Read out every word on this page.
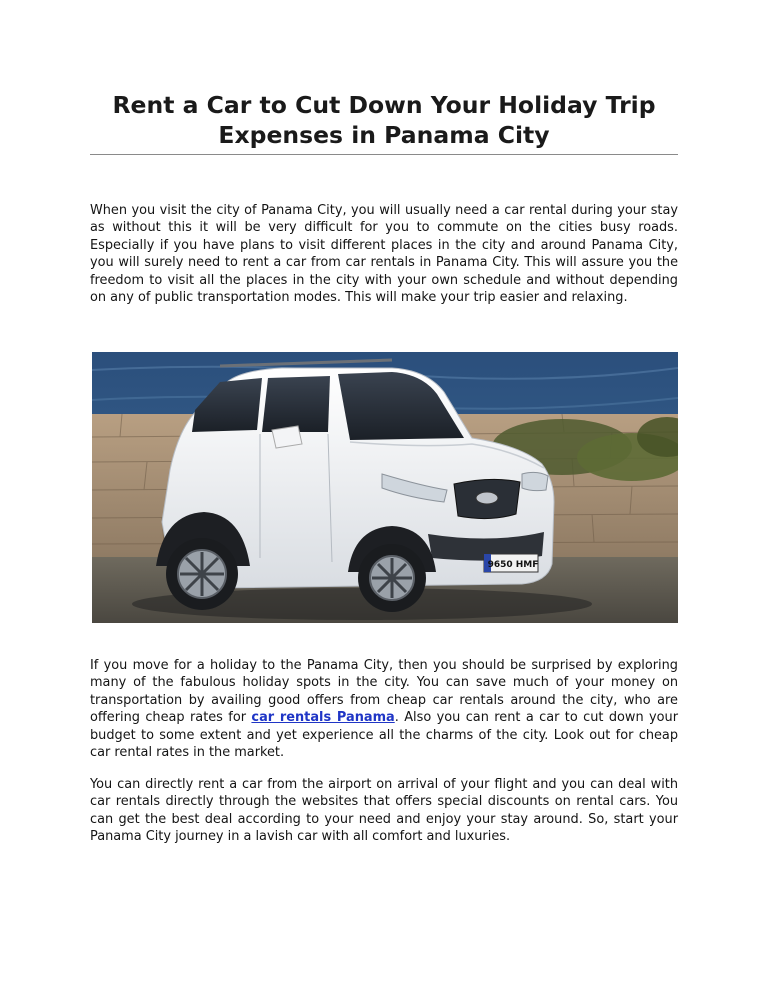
Rent a Car to Cut Down Your Holiday Trip Expenses in Panama City

When you visit the city of Panama City, you will usually need a car rental during your stay as without this it will be very difficult for you to commute on the cities busy roads. Especially if you have plans to visit different places in the city and around Panama City, you will surely need to rent a car from car rentals in Panama City. This will assure you the freedom to visit all the places in the city with your own schedule and without depending on any of public transportation modes. This will make your trip easier and relaxing.

9650 HMF

If you move for a holiday to the Panama City, then you should be surprised by exploring many of the fabulous holiday spots in the city. You can save much of your money on transportation by availing good offers from cheap car rentals around the city, who are offering cheap rates for car rentals Panama. Also you can rent a car to cut down your budget to some extent and yet experience all the charms of the city. Look out for cheap car rental rates in the market.

You can directly rent a car from the airport on arrival of your flight and you can deal with car rentals directly through the websites that offers special discounts on rental cars. You can get the best deal according to your need and enjoy your stay around. So, start your Panama City journey in a lavish car with all comfort and luxuries.
